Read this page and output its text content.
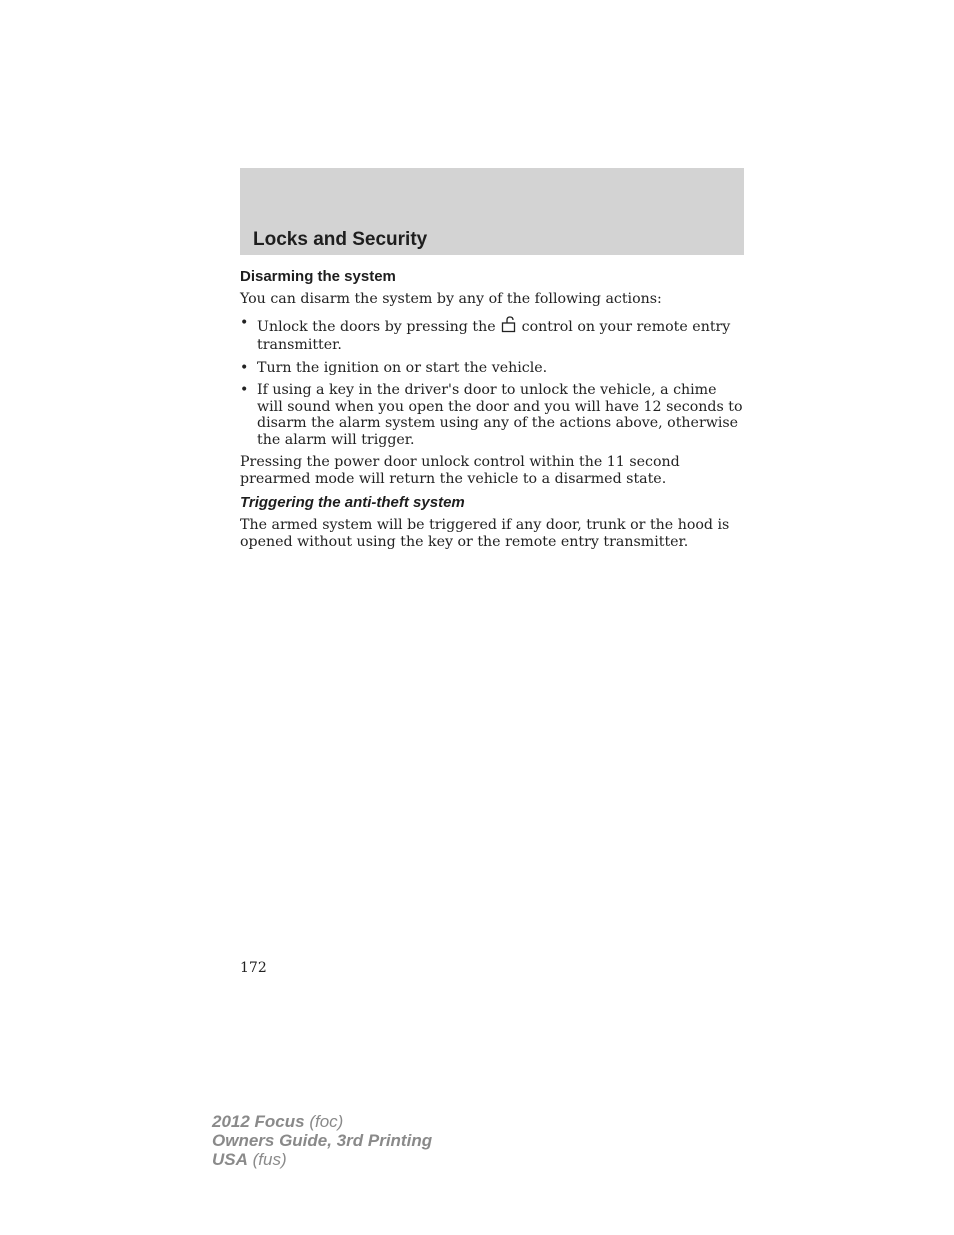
Locks and Security
Disarming the system

You can disarm the system by any of the following actions:

• Unlock the doors by pressing the control on your remote entry transmitter.
• Turn the ignition on or start the vehicle.
• If using a key in the driver's door to unlock the vehicle, a chime will sound when you open the door and you will have 12 seconds to disarm the alarm system using any of the actions above, otherwise the alarm will trigger.

Pressing the power door unlock control within the 11 second prearmed mode will return the vehicle to a disarmed state.

Triggering the anti-theft system

The armed system will be triggered if any door, trunk or the hood is opened without using the key or the remote entry transmitter.

172
2012 Focus (foc)
Owners Guide, 3rd Printing
USA (fus)
